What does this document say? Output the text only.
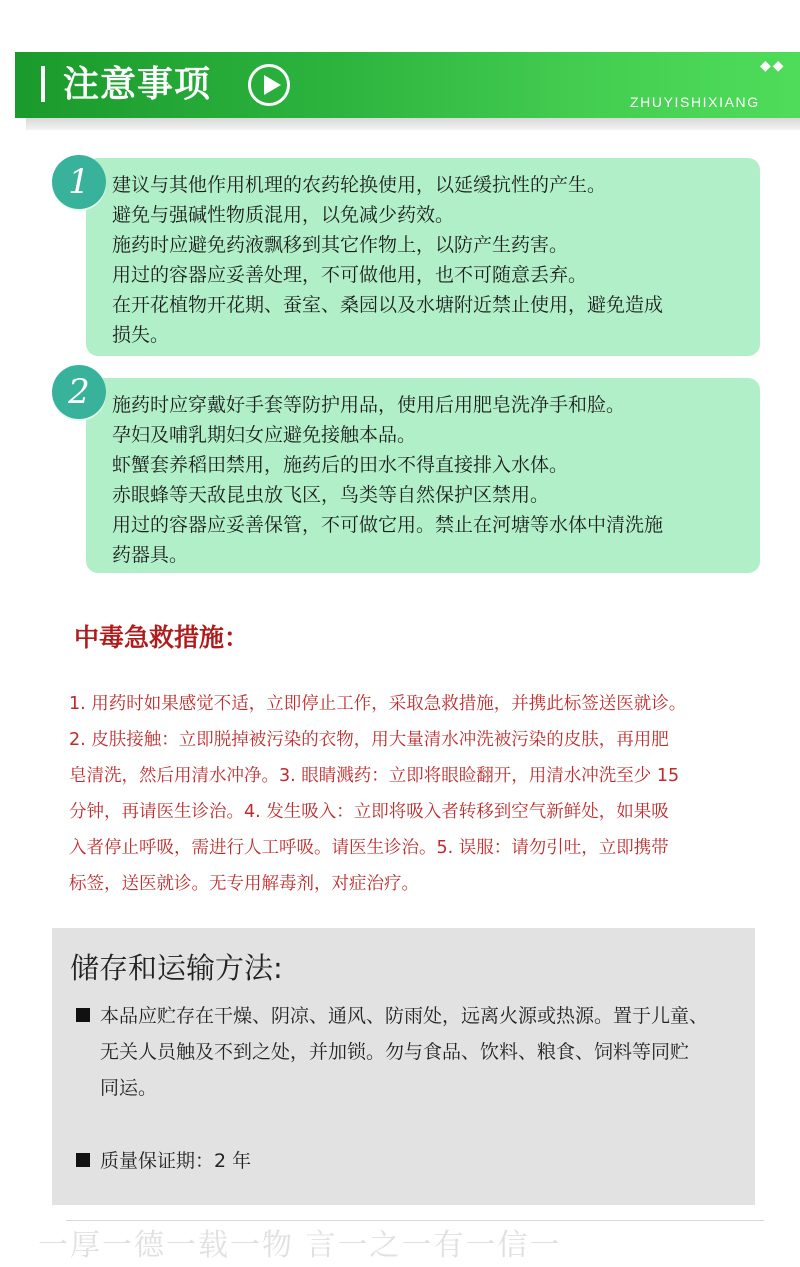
注意事项	◆◆
ZHUYISHIXIANG
建议与其他作用机理的农药轮换使用，以延缓抗性的产生。
避免与强碱性物质混用，以免减少药效。
施药时应避免药液飘移到其它作物上，以防产生药害。
用过的容器应妥善处理，不可做他用，也不可随意丢弃。
在开花植物开花期、蚕室、桑园以及水塘附近禁止使用，避免造成
损失。
1
施药时应穿戴好手套等防护用品，使用后用肥皂洗净手和脸。
孕妇及哺乳期妇女应避免接触本品。
虾蟹套养稻田禁用，施药后的田水不得直接排入水体。
赤眼蜂等天敌昆虫放飞区，鸟类等自然保护区禁用。
用过的容器应妥善保管，不可做它用。禁止在河塘等水体中清洗施
药器具。
2
中毒急救措施：
1. 用药时如果感觉不适，立即停止工作，采取急救措施，并携此标签送医就诊。
2. 皮肤接触：立即脱掉被污染的衣物，用大量清水冲洗被污染的皮肤，再用肥
皂清洗，然后用清水冲净。3. 眼睛溅药：立即将眼睑翻开，用清水冲洗至少 15
分钟，再请医生诊治。4. 发生吸入：立即将吸入者转移到空气新鲜处，如果吸
入者停止呼吸，需进行人工呼吸。请医生诊治。5. 误服：请勿引吐，立即携带
标签，送医就诊。无专用解毒剂，对症治疗。
储存和运输方法:
本品应贮存在干燥、阴凉、通风、防雨处，远离火源或热源。置于儿童、
无关人员触及不到之处，并加锁。勿与食品、饮料、粮食、饲料等同贮
同运。
质量保证期：2 年
一厚一德一载一物 言一之一有一信一
